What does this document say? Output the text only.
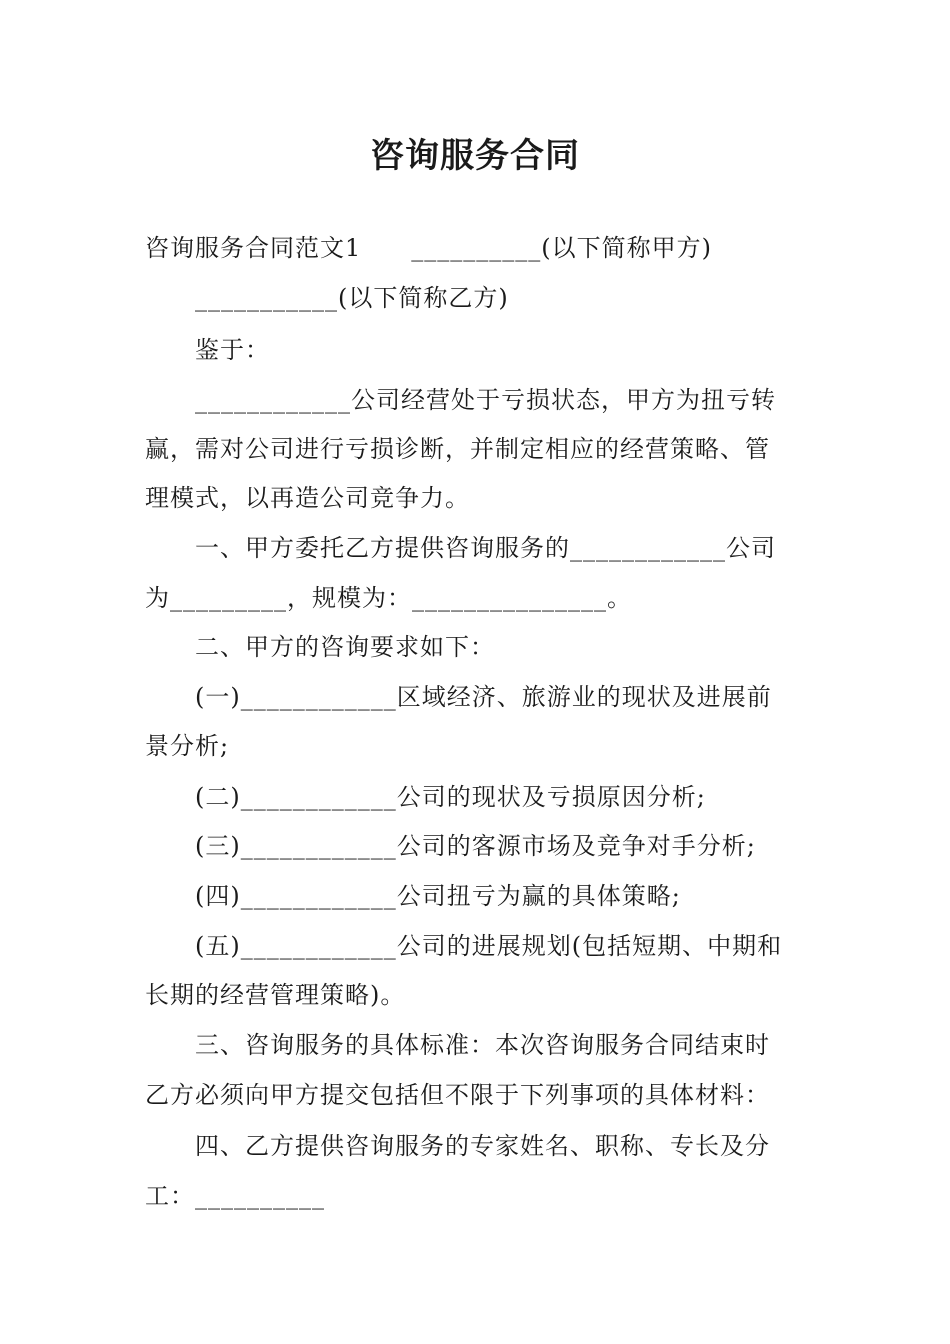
咨询服务合同
咨询服务合同范文1　　__________(以下简称甲方)
___________(以下简称乙方)
鉴于：
____________公司经营处于亏损状态，甲方为扭亏转
赢，需对公司进行亏损诊断，并制定相应的经营策略、管
理模式，以再造公司竞争力。
一、甲方委托乙方提供咨询服务的____________公司
为_________，规模为：_______________。
二、甲方的咨询要求如下：
(一)____________区域经济、旅游业的现状及进展前
景分析;
(二)____________公司的现状及亏损原因分析;
(三)____________公司的客源市场及竞争对手分析;
(四)____________公司扭亏为赢的具体策略;
(五)____________公司的进展规划(包括短期、中期和
长期的经营管理策略)。
三、咨询服务的具体标准：本次咨询服务合同结束时
乙方必须向甲方提交包括但不限于下列事项的具体材料：
四、乙方提供咨询服务的专家姓名、职称、专长及分
工：__________
